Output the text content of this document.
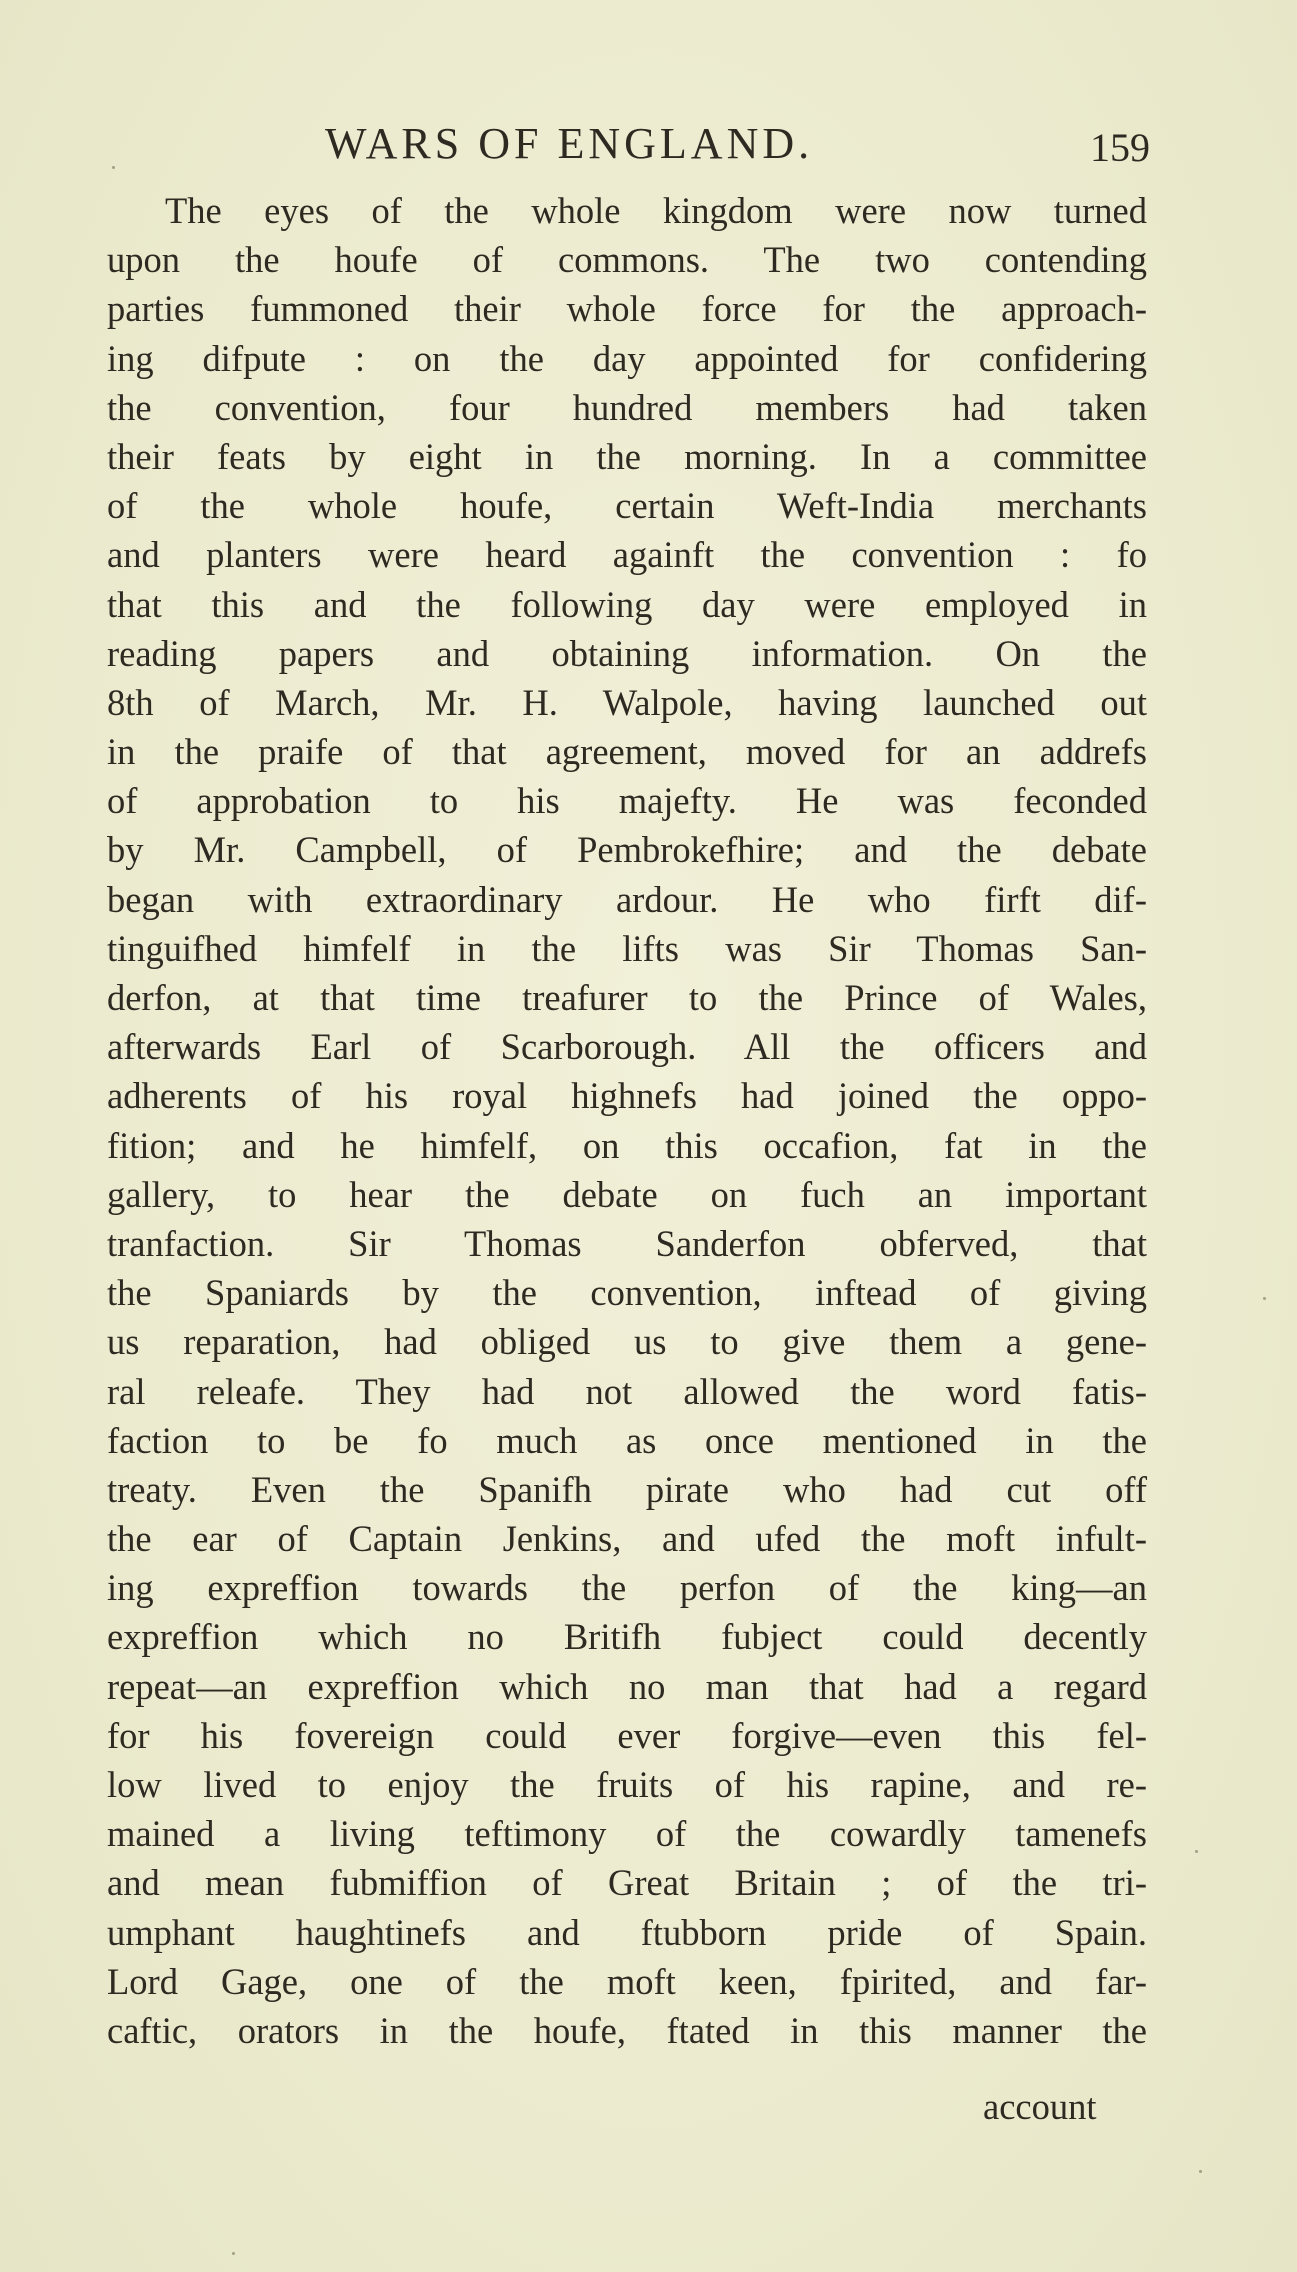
WARS OF ENGLAND.	159
The eyes of the whole kingdom were now turned
upon the houfe of commons. The two contending
parties fummoned their whole force for the approach-
ing difpute : on the day appointed for confidering
the convention, four hundred members had taken
their feats by eight in the morning. In a committee
of the whole houfe, certain Weft-India merchants
and planters were heard againft the convention : fo
that this and the following day were employed in
reading papers and obtaining information. On the
8th of March, Mr. H. Walpole, having launched out
in the praife of that agreement, moved for an addrefs
of approbation to his majefty. He was feconded
by Mr. Campbell, of Pembrokefhire; and the debate
began with extraordinary ardour. He who firft dif-
tinguifhed himfelf in the lifts was Sir Thomas San-
derfon, at that time treafurer to the Prince of Wales,
afterwards Earl of Scarborough. All the officers and
adherents of his royal highnefs had joined the oppo-
fition; and he himfelf, on this occafion, fat in the
gallery, to hear the debate on fuch an important
tranfaction. Sir Thomas Sanderfon obferved, that
the Spaniards by the convention, inftead of giving
us reparation, had obliged us to give them a gene-
ral releafe. They had not allowed the word fatis-
faction to be fo much as once mentioned in the
treaty. Even the Spanifh pirate who had cut off
the ear of Captain Jenkins, and ufed the moft infult-
ing expreffion towards the perfon of the king—an
expreffion which no Britifh fubject could decently
repeat—an expreffion which no man that had a regard
for his fovereign could ever forgive—even this fel-
low lived to enjoy the fruits of his rapine, and re-
mained a living teftimony of the cowardly tamenefs
and mean fubmiffion of Great Britain ; of the tri-
umphant haughtinefs and ftubborn pride of Spain.
Lord Gage, one of the moft keen, fpirited, and far-
caftic, orators in the houfe, ftated in this manner the
account
